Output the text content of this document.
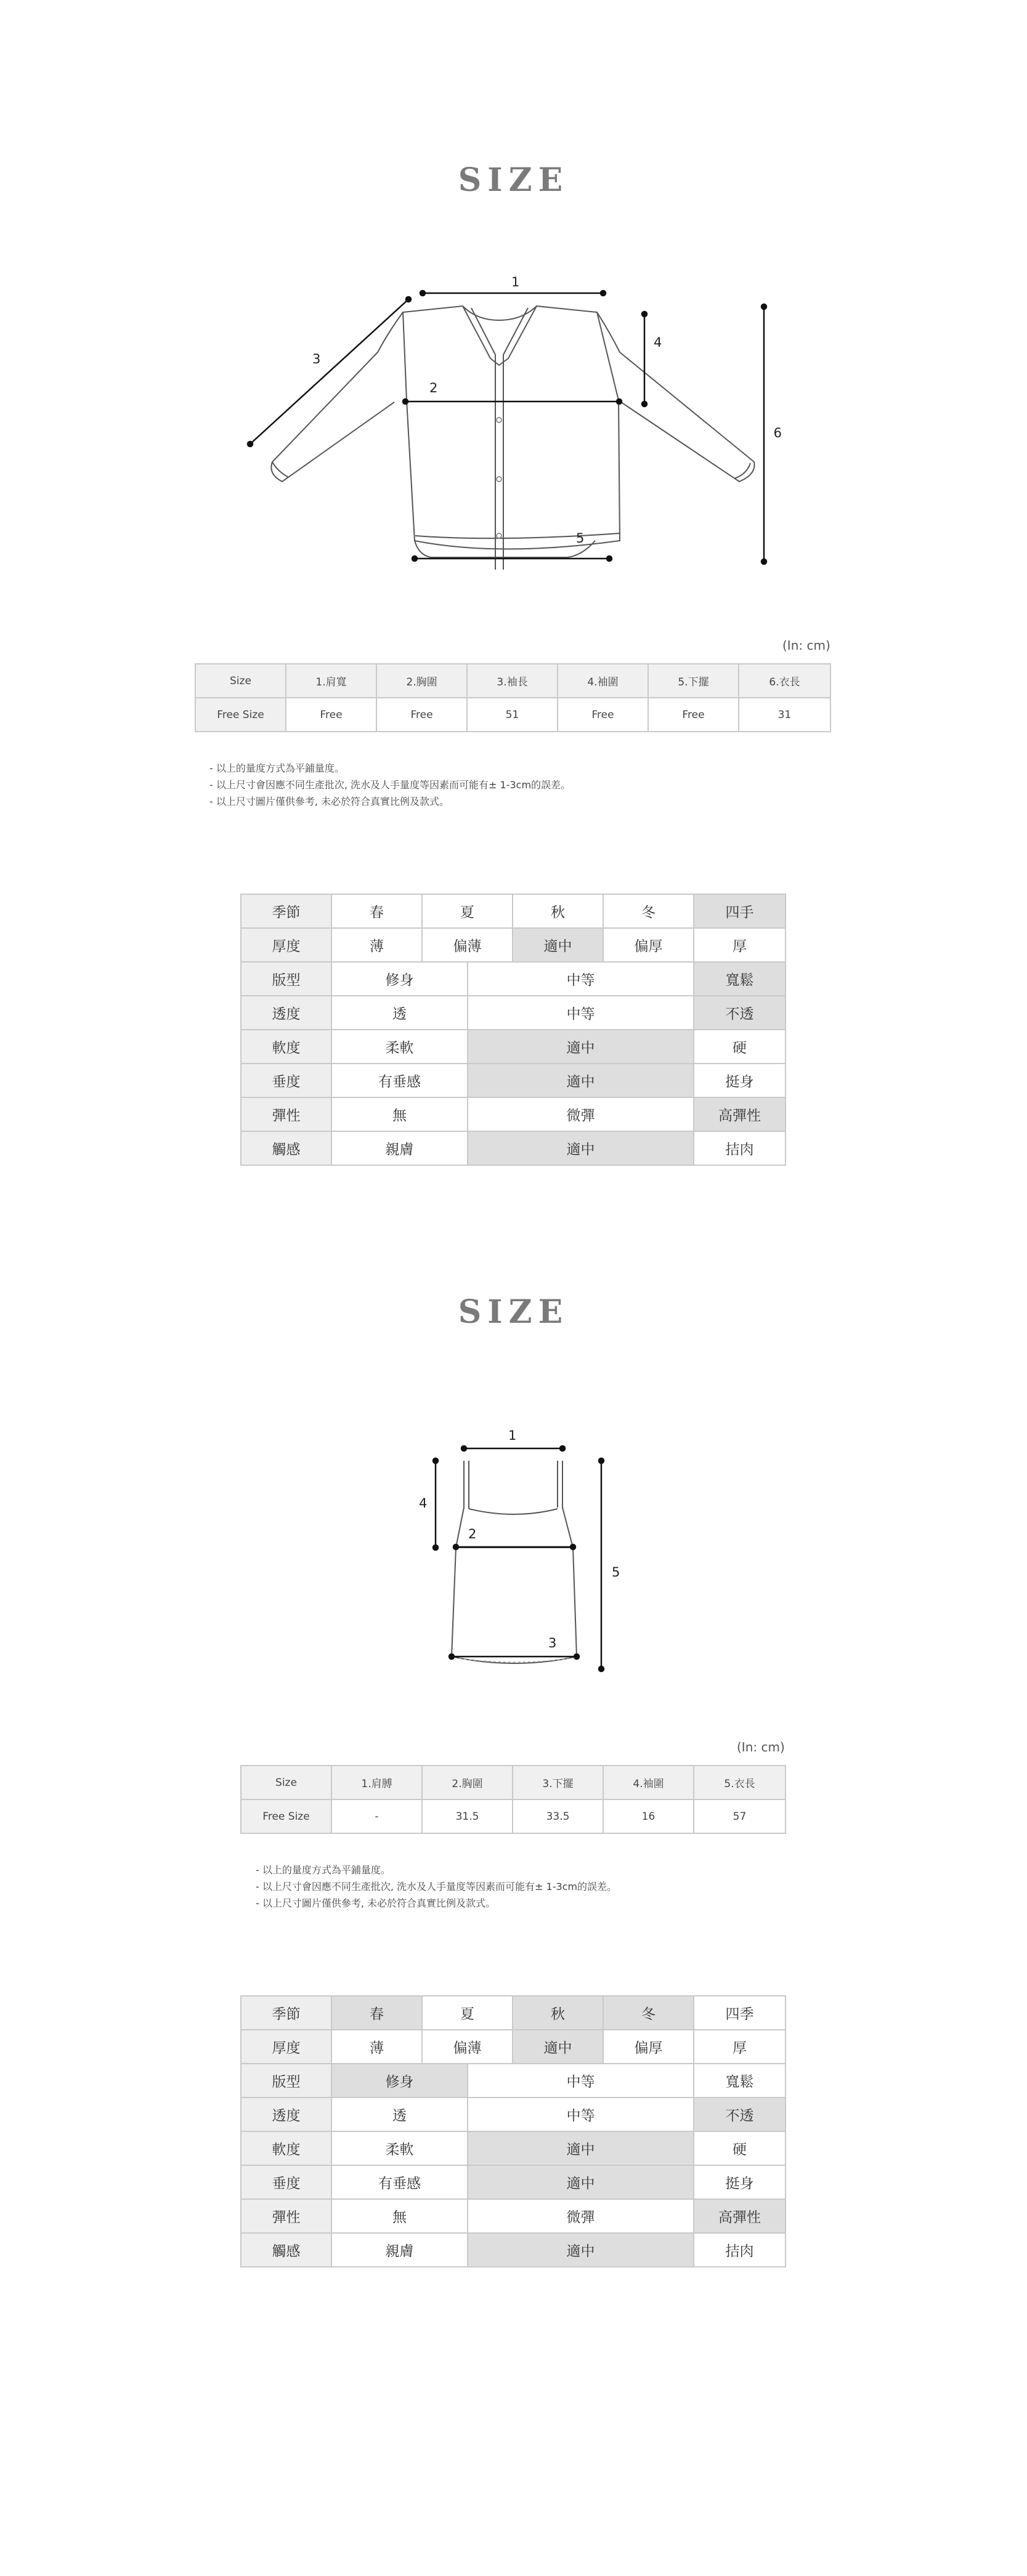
SIZE
1
2
3
4
5
6
(In: cm)
Size	1.肩寬	2.胸圍	3.袖長	4.袖圍	5.下擺	6.衣長
Free Size	Free	Free	51	Free	Free	31
- 以上的量度方式為平鋪量度。
- 以上尺寸會因應不同生產批次, 洗水及人手量度等因素而可能有± 1-3cm的誤差。
- 以上尺寸圖片僅供參考, 未必於符合真實比例及款式。
季節	春	夏		秋	冬	四手
厚度	薄	偏薄		適中	偏厚	厚
版型	修身		中等			寬鬆
透度	透		中等			不透
軟度	柔軟		適中			硬
垂度	有垂感		適中			挺身
彈性	無		微彈			高彈性
觸感	親膚		適中			拮肉
SIZE
1
2
3
4
5
(In: cm)
Size	1.肩膊	2.胸圍	3.下擺	4.袖圍	5.衣長
Free Size	-	31.5	33.5	16	57
- 以上的量度方式為平鋪量度。
- 以上尺寸會因應不同生產批次, 洗水及人手量度等因素而可能有± 1-3cm的誤差。
- 以上尺寸圖片僅供參考, 未必於符合真實比例及款式。
季節	春	夏		秋	冬	四季
厚度	薄	偏薄		適中	偏厚	厚
版型	修身		中等			寬鬆
透度	透		中等			不透
軟度	柔軟		適中			硬
垂度	有垂感		適中			挺身
彈性	無		微彈			高彈性
觸感	親膚		適中			拮肉
